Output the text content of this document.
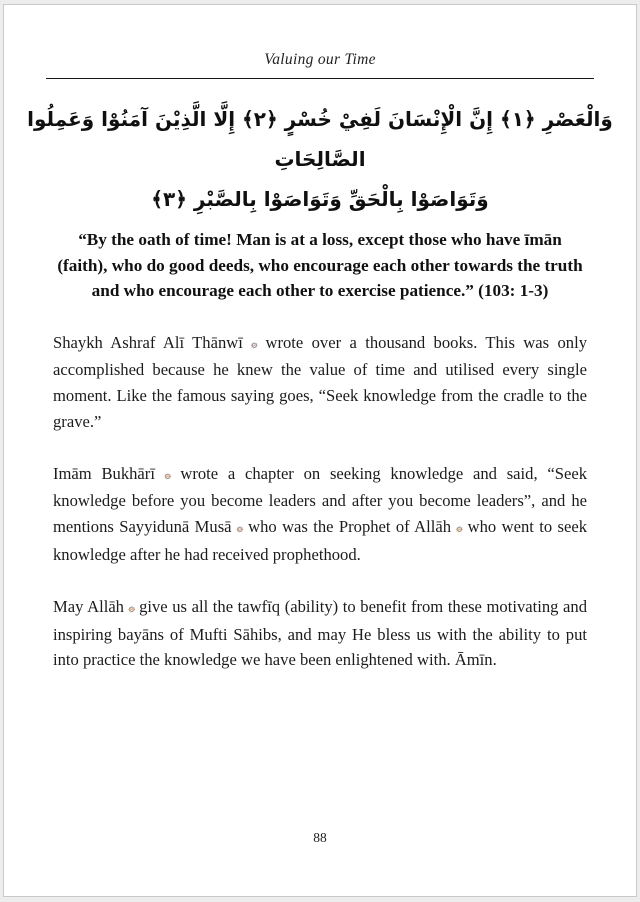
Valuing our Time
وَالْعَصْرِ ﴿١﴾ إِنَّ الْإِنْسَانَ لَفِيْ خُسْرٍ ﴿٢﴾ إِلَّا الَّذِيْنَ آمَنُوْا وَعَمِلُوا الصَّالِحَاتِ
وَتَوَاصَوْا بِالْحَقِّ وَتَوَاصَوْا بِالصَّبْرِ ﴿٣﴾
“By the oath of time! Man is at a loss, except those who have īmān (faith), who do good deeds, who encourage each other towards the truth and who encourage each other to exercise patience.” (103: 1-3)

Shaykh Ashraf Alī Thānwī ۞ wrote over a thousand books. This was only accomplished because he knew the value of time and utilised every single moment. Like the famous saying goes, “Seek knowledge from the cradle to the grave.”

Imām Bukhārī ۞ wrote a chapter on seeking knowledge and said, “Seek knowledge before you become leaders and after you become leaders”, and he mentions Sayyidunā Musā ۞ who was the Prophet of Allāh ۞ who went to seek knowledge after he had received prophethood.

May Allāh ۞ give us all the tawfīq (ability) to benefit from these motivating and inspiring bayāns of Mufti Sāhibs, and may He bless us with the ability to put into practice the knowledge we have been enlightened with. Āmīn.

88
